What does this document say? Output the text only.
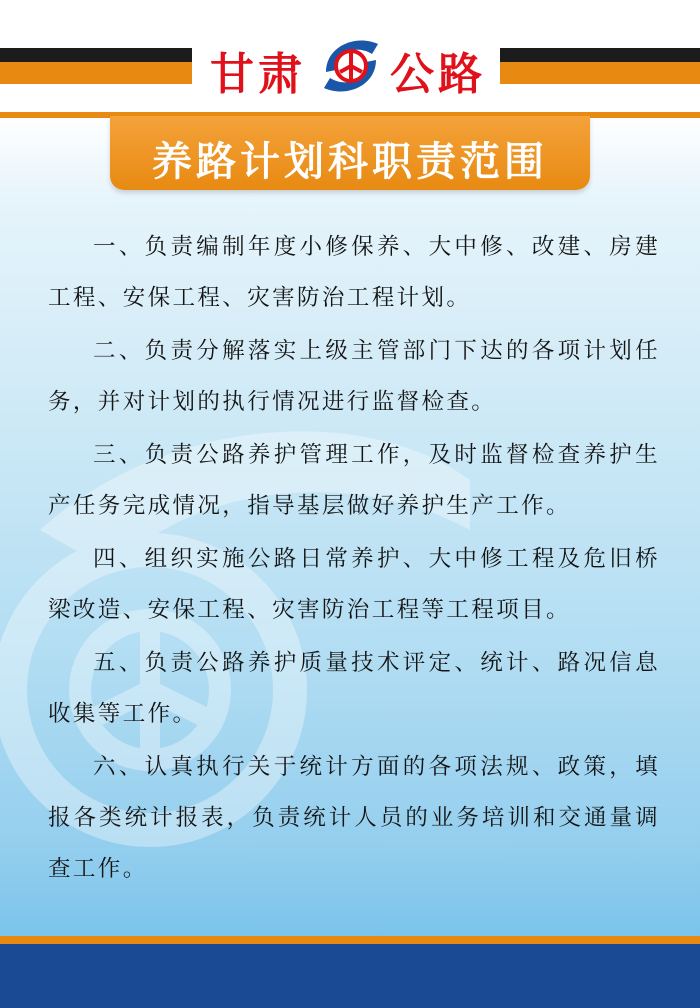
甘肃 公路
养路计划科职责范围

一、负责编制年度小修保养、大中修、改建、房建工程、安保工程、灾害防治工程计划。

二、负责分解落实上级主管部门下达的各项计划任务，并对计划的执行情况进行监督检查。

三、负责公路养护管理工作，及时监督检查养护生产任务完成情况，指导基层做好养护生产工作。

四、组织实施公路日常养护、大中修工程及危旧桥梁改造、安保工程、灾害防治工程等工程项目。

五、负责公路养护质量技术评定、统计、路况信息收集等工作。

六、认真执行关于统计方面的各项法规、政策，填报各类统计报表，负责统计人员的业务培训和交通量调查工作。
